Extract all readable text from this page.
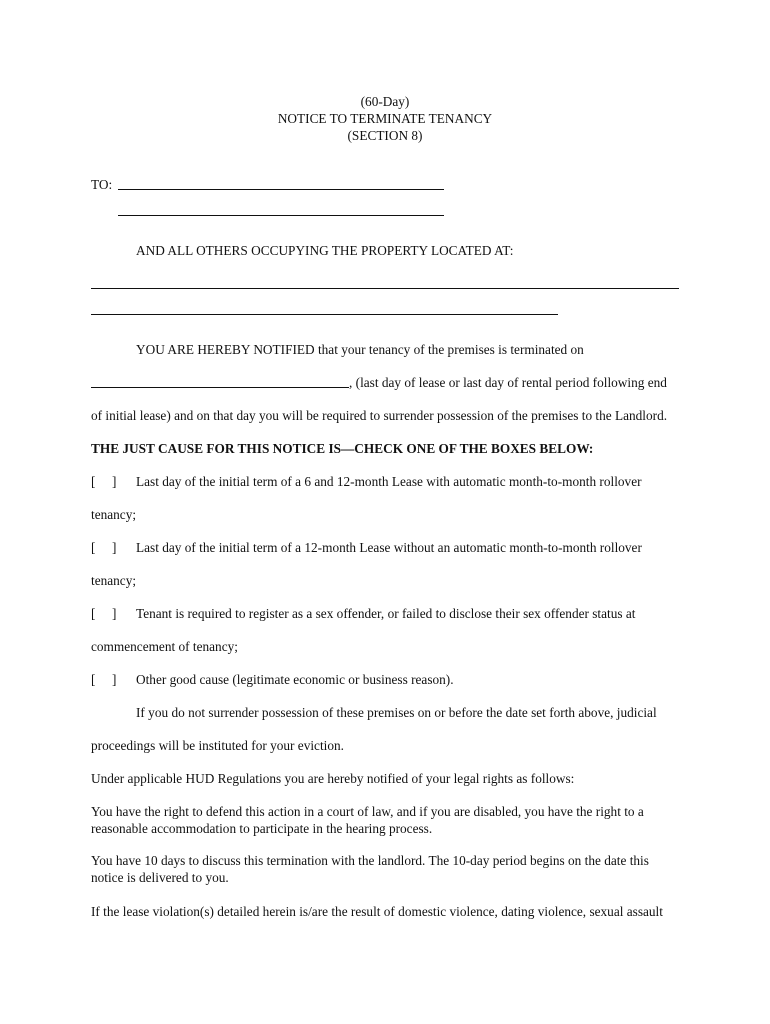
(60-Day)
NOTICE TO TERMINATE TENANCY
(SECTION 8)
TO:
AND ALL OTHERS OCCUPYING THE PROPERTY LOCATED AT:
YOU ARE HEREBY NOTIFIED that your tenancy of the premises is terminated on
, (last day of lease or last day of rental period following end
of initial lease) and on that day you will be required to surrender possession of the premises to the Landlord.
THE JUST CAUSE FOR THIS NOTICE IS—CHECK ONE OF THE BOXES BELOW:
[     ] Last day of the initial term of a 6 and 12-month Lease with automatic month-to-month rollover
tenancy;
[     ] Last day of the initial term of a 12-month Lease without an automatic month-to-month rollover
tenancy;
[     ] Tenant is required to register as a sex offender, or failed to disclose their sex offender status at
commencement of tenancy;
[     ] Other good cause (legitimate economic or business reason).
If you do not surrender possession of these premises on or before the date set forth above, judicial
proceedings will be instituted for your eviction.
Under applicable HUD Regulations you are hereby notified of your legal rights as follows:
You have the right to defend this action in a court of law, and if you are disabled, you have the right to a
reasonable accommodation to participate in the hearing process.
You have 10 days to discuss this termination with the landlord. The 10-day period begins on the date this
notice is delivered to you.
If the lease violation(s) detailed herein is/are the result of domestic violence, dating violence, sexual assault
